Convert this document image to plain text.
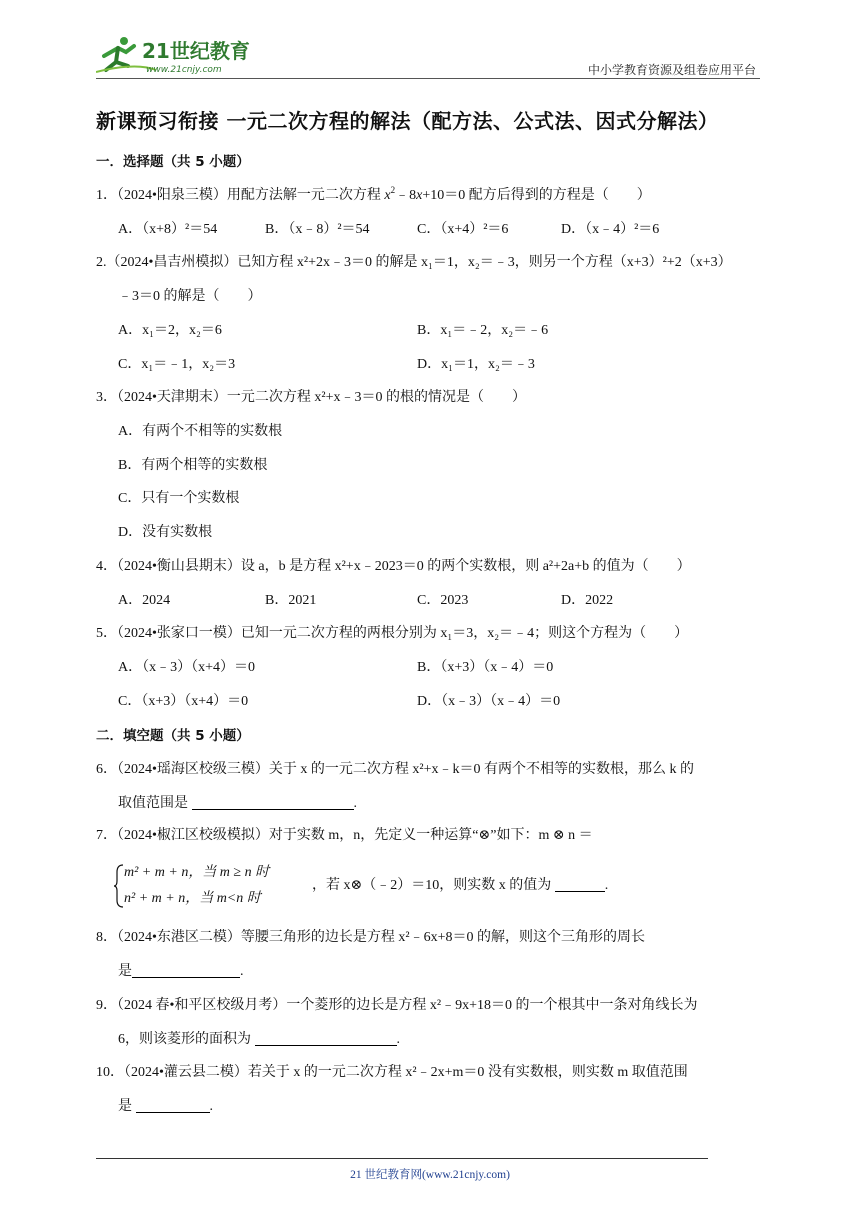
21世纪教育
www.21cnjy.com	中小学教育资源及组卷应用平台
新课预习衔接 一元二次方程的解法（配方法、公式法、因式分解法）
一．选择题（共 5 小题）
1．（2024•阳泉三模）用配方法解一元二次方程 $x^2﹣8x+10=0$ 配方后得到的方程是（　　）
A．（x+8）²＝54	B．（x﹣8）²＝54	C．（x+4）²＝6	D．（x﹣4）²＝6
2.（2024•昌吉州模拟）已知方程 x²+2x﹣3＝0 的解是 x₁＝1，x₂＝﹣3，则另一个方程（x+3）²+2（x+3）
﹣3＝0 的解是（　　）
A．x₁＝2，x₂＝6	B．x₁＝﹣2，x₂＝﹣6
C．x₁＝﹣1，x₂＝3	D．x₁＝1，x₂＝﹣3
3．（2024•天津期末）一元二次方程 x²+x﹣3＝0 的根的情况是（　　）
A．有两个不相等的实数根
B．有两个相等的实数根
C．只有一个实数根
D．没有实数根
4．（2024•衡山县期末）设 a，b 是方程 x²+x﹣2023＝0 的两个实数根，则 a²+2a+b 的值为（　　）
A．2024	B．2021	C．2023	D．2022
5．（2024•张家口一模）已知一元二次方程的两根分别为 x₁＝3，x₂＝﹣4；则这个方程为（　　）
A．（x﹣3）（x+4）＝0	B．（x+3）（x﹣4）＝0
C．（x+3）（x+4）＝0	D．（x﹣3）（x﹣4）＝0
二．填空题（共 5 小题）
6．（2024•瑶海区校级三模）关于 x 的一元二次方程 x²+x﹣k＝0 有两个不相等的实数根，那么 k 的
取值范围是	.
7．（2024•椒江区校级模拟）对于实数 m，n，先定义一种运算“⊗”如下：m ⊗ n ＝
m² + m + n，当 m ≥ n 时
n² + m + n，当 m<n 时
，若 x⊗（﹣2）＝10，则实数 x 的值为	.
8．（2024•东港区二模）等腰三角形的边长是方程 x²﹣6x+8＝0 的解，则这个三角形的周长
是	.
9．（2024 春•和平区校级月考）一个菱形的边长是方程 x²﹣9x+18＝0 的一个根其中一条对角线长为
6，则该菱形的面积为	.
10．（2024•灌云县二模）若关于 x 的一元二次方程 x²﹣2x+m＝0 没有实数根，则实数 m 取值范围
是	.
21 世纪教育网(www.21cnjy.com)
